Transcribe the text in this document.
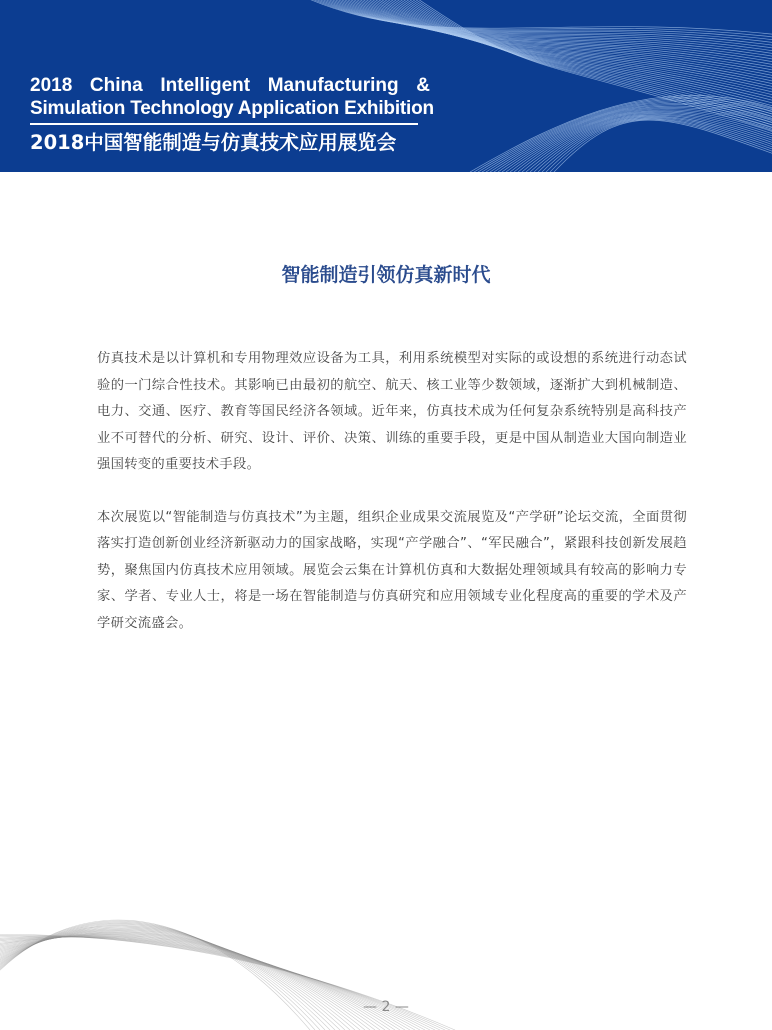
2018 China Intelligent Manufacturing &
Simulation Technology Application Exhibition
2018中国智能制造与仿真技术应用展览会
智能制造引领仿真新时代

仿真技术是以计算机和专用物理效应设备为工具，利用系统模型对实际的或设想的系统进行动态试验的一门综合性技术。其影响已由最初的航空、航天、核工业等少数领域，逐渐扩大到机械制造、电力、交通、医疗、教育等国民经济各领域。近年来，仿真技术成为任何复杂系统特别是高科技产业不可替代的分析、研究、设计、评价、决策、训练的重要手段，更是中国从制造业大国向制造业强国转变的重要技术手段。

本次展览以“智能制造与仿真技术”为主题，组织企业成果交流展览及“产学研”论坛交流，全面贯彻落实打造创新创业经济新驱动力的国家战略，实现“产学融合”、“军民融合”，紧跟科技创新发展趋势，聚焦国内仿真技术应用领域。展览会云集在计算机仿真和大数据处理领域具有较高的影响力专家、学者、专业人士，将是一场在智能制造与仿真研究和应用领域专业化程度高的重要的学术及产学研交流盛会。

— 2 —
